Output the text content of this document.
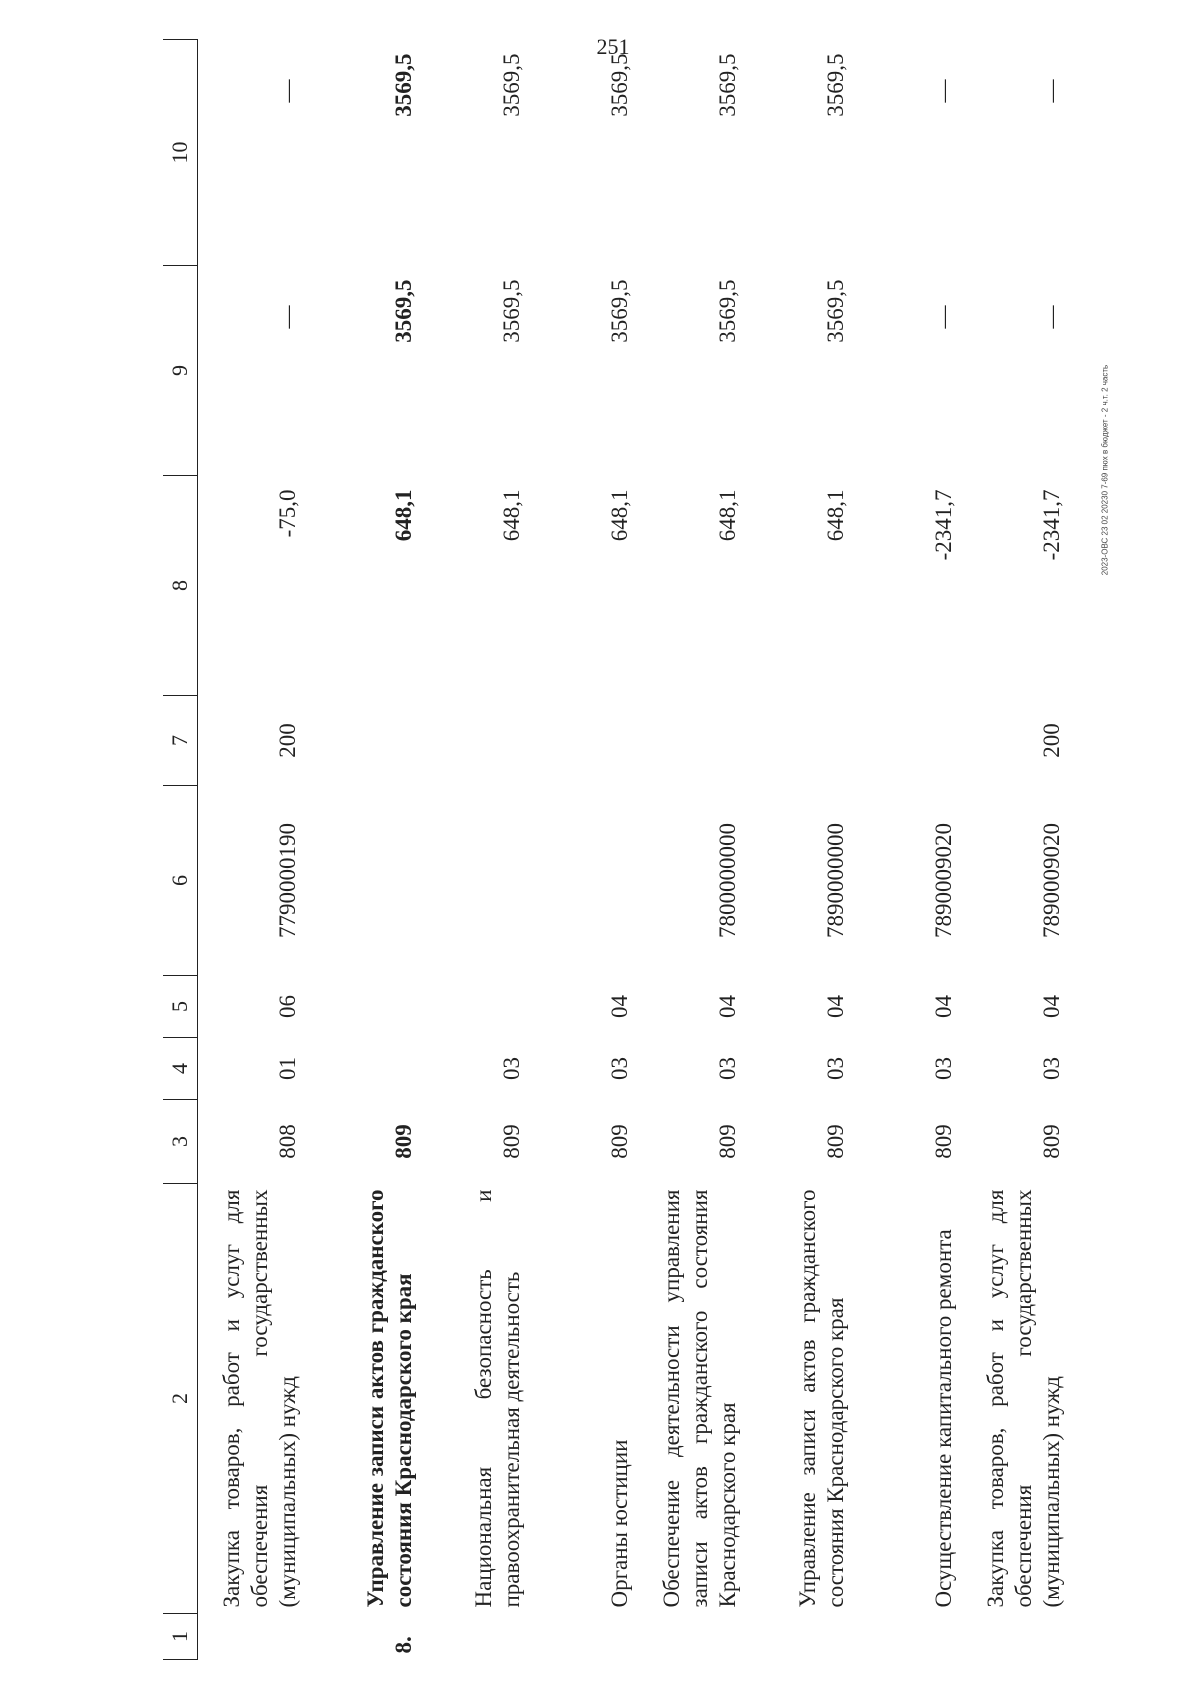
251
2023-ОВС 23 02 20230 7-69 пюх в бюджет - 2 ч.т. 2 часть
1	2	3	4	5	6	7	8	9	10
	Закупка товаров, работ и услуг для обеспечения государственных (муниципальных) нужд	808	01	06	7790000190	200	-75,0	—	—
8.	Управление записи актов гражданского состояния Краснодарского края	809					648,1	3569,5	3569,5
	Национальная безопасность и правоохранительная деятельность	809	03				648,1	3569,5	3569,5
	Органы юстиции	809	03	04			648,1	3569,5	3569,5
	Обеспечение деятельности управления записи актов гражданского состояния Краснодарского края	809	03	04	7800000000		648,1	3569,5	3569,5
	Управление записи актов гражданского состояния Краснодарского края	809	03	04	7890000000		648,1	3569,5	3569,5
	Осуществление капитального ремонта	809	03	04	7890009020		-2341,7	—	—
	Закупка товаров, работ и услуг для обеспечения государственных (муниципальных) нужд	809	03	04	7890009020	200	-2341,7	—	—
